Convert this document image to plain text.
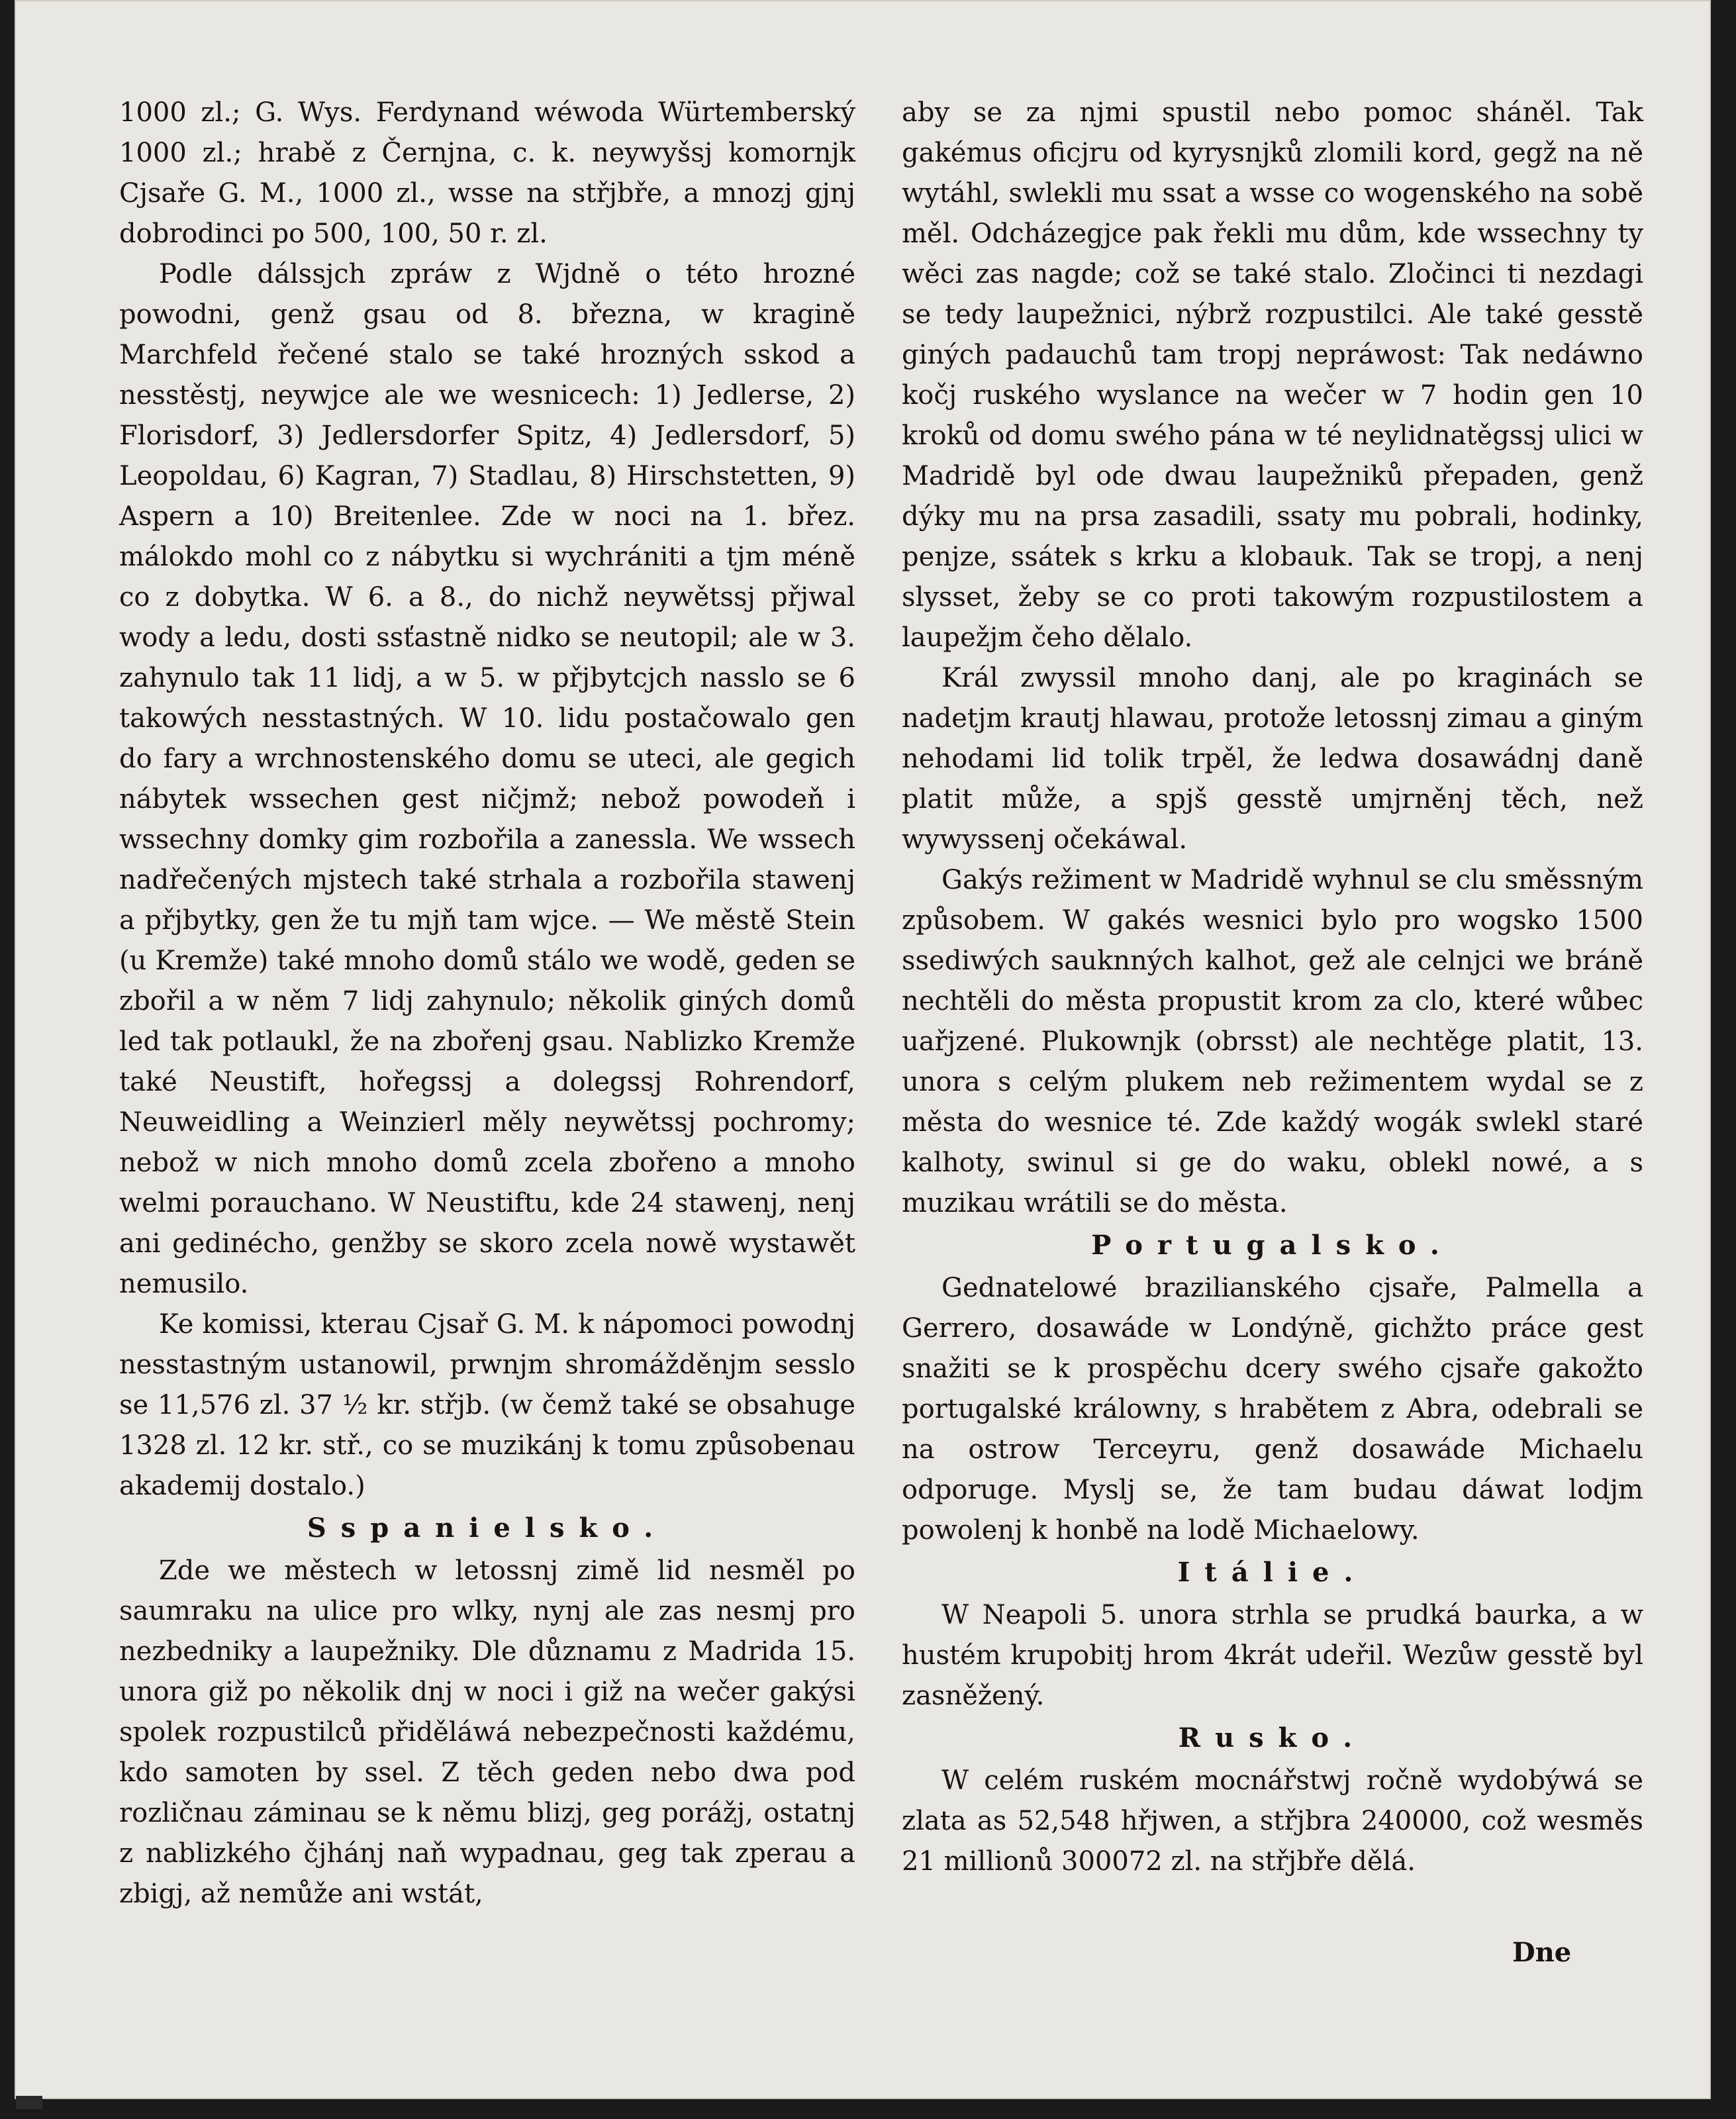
1000 zl.; G. Wys. Ferdynand wéwoda Würtemberský 1000 zl.; hrabě z Černjna, c. k. neywyšsj komornjk Cjsaře G. M., 1000 zl., wsse na střjbře, a mnozj gjnj dobrodinci po 500, 100, 50 r. zl.

Podle dálssjch zpráw z Wjdně o této hrozné powodni, genž gsau od 8. března, w kragině Marchfeld řečené stalo se také hrozných sskod a nesstěstj, neywjce ale we wesnicech: 1) Jedlerse, 2) Florisdorf, 3) Jedlersdorfer Spitz, 4) Jedlersdorf, 5) Leopoldau, 6) Kagran, 7) Stadlau, 8) Hirschstetten, 9) Aspern a 10) Breitenlee. Zde w noci na 1. břez. málokdo mohl co z nábytku si wychrániti a tjm méně co z dobytka. W 6. a 8., do nichž neywětssj přjwal wody a ledu, dosti ssťastně nidko se neutopil; ale w 3. zahynulo tak 11 lidj, a w 5. w přjbytcjch nasslo se 6 takowých nesstastných. W 10. lidu postačowalo gen do fary a wrchnostenského domu se uteci, ale gegich nábytek wssechen gest ničjmž; nebož powodeň i wssechny domky gim rozbořila a zanessla. We wssech nadřečených mjstech také strhala a rozbořila stawenj a přjbytky, gen že tu mjň tam wjce. — We městě Stein (u Kremže) také mnoho domů stálo we wodě, geden se zbořil a w něm 7 lidj zahynulo; několik giných domů led tak potlaukl, že na zbořenj gsau. Nablizko Kremže také Neustift, hořegssj a dolegssj Rohrendorf, Neuweidling a Weinzierl měly neywětssj pochromy; nebož w nich mnoho domů zcela zbořeno a mnoho welmi porauchano. W Neustiftu, kde 24 stawenj, nenj ani gedinécho, genžby se skoro zcela nowě wystawět nemusilo.

Ke komissi, kterau Cjsař G. M. k nápomoci powodnj nesstastným ustanowil, prwnjm shromážděnjm sesslo se 11,576 zl. 37 ½ kr. střjb. (w čemž také se obsahuge 1328 zl. 12 kr. stř., co se muzikánj k tomu způsobenau akademij dostalo.)

Sspanielsko.

Zde we městech w letossnj zimě lid nesměl po saumraku na ulice pro wlky, nynj ale zas nesmj pro nezbedniky a laupežniky. Dle důznamu z Madrida 15. unora giž po několik dnj w noci i giž na wečer gakýsi spolek rozpustilců přiděláwá nebezpečnosti každému, kdo samoten by ssel. Z těch geden nebo dwa pod rozličnau záminau se k němu blizj, geg porážj, ostatnj z nablizkého čjhánj naň wypadnau, geg tak zperau a zbigj, až nemůže ani wstát,

aby se za njmi spustil nebo pomoc sháněl. Tak gakémus oficjru od kyrysnjků zlomili kord, gegž na ně wytáhl, swlekli mu ssat a wsse co wogenského na sobě měl. Odcházegjce pak řekli mu dům, kde wssechny ty wěci zas nagde; což se také stalo. Zločinci ti nezdagi se tedy laupežnici, nýbrž rozpustilci. Ale také gesstě giných padauchů tam tropj nepráwost: Tak nedáwno kočj ruského wyslance na wečer w 7 hodin gen 10 kroků od domu swého pána w té neylidnatěgssj ulici w Madridě byl ode dwau laupežniků přepaden, genž dýky mu na prsa zasadili, ssaty mu pobrali, hodinky, penjze, ssátek s krku a klobauk. Tak se tropj, a nenj slysset, žeby se co proti takowým rozpustilostem a laupežjm čeho dělalo.

Král zwyssil mnoho danj, ale po kraginách se nadetjm krautj hlawau, protože letossnj zimau a giným nehodami lid tolik trpěl, že ledwa dosawádnj daně platit může, a spjš gesstě umjrněnj těch, než wywyssenj očekáwal.

Gakýs režiment w Madridě wyhnul se clu směssným způsobem. W gakés wesnici bylo pro wogsko 1500 ssediwých sauknných kalhot, gež ale celnjci we bráně nechtěli do města propustit krom za clo, které wůbec uařjzené. Plukownjk (obrsst) ale nechtěge platit, 13. unora s celým plukem neb režimentem wydal se z města do wesnice té. Zde každý wogák swlekl staré kalhoty, swinul si ge do waku, oblekl nowé, a s muzikau wrátili se do města.

Portugalsko.

Gednatelowé brazilianského cjsaře, Palmella a Gerrero, dosawáde w Londýně, gichžto práce gest snažiti se k prospěchu dcery swého cjsaře gakožto portugalské králowny, s hrabětem z Abra, odebrali se na ostrow Terceyru, genž dosawáde Michaelu odporuge. Myslj se, že tam budau dáwat lodjm powolenj k honbě na lodě Michaelowy.

Itálie.

W Neapoli 5. unora strhla se prudká baurka, a w hustém krupobitj hrom 4krát udeřil. Wezůw gesstě byl zasněžený.

Rusko.

W celém ruském mocnářstwj ročně wydobýwá se zlata as 52,548 hřjwen, a střjbra 240000, což wesměs 21 millionů 300072 zl. na střjbře dělá.

Dne
